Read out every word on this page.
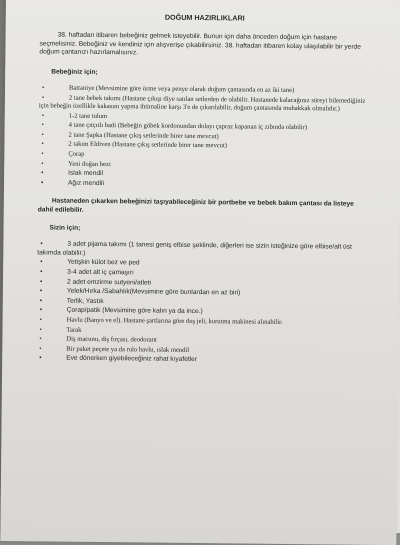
DOĞUM HAZIRLIKLARI

38. haftadan itibaren bebeğiniz gelmek isteyebilir. Bunun için daha önceden doğum için hastane seçmelisiniz. Bebeğiniz ve kendiniz için alışverişe çıkabilirsiniz. 38. haftadan itibaren kolay ulaşılabilir bir yerde doğum çantanızı hazırlamalısınız.

Bebeğiniz için;
• Battaniye (Mevsimine göre örme veya penye olarak doğum çantasında en az iki tane)
• 2 tane bebek takımı (Hastane çıkışı diye satılan setlerden de olabilir. Hastanede kalacağınız süreyi bilemediğiniz için bebeğin özellikle kakasını yapma ihtimaline karşı 3'e de çıkarılabilir, doğum çantasında muhakkak olmalıdır.)
• 1-2 tane tulum
• 4 tane çıtçıtlı badi (Bebeğin göbek kordonundan dolayı çapraz kapanan iç zıbında olabilir)
• 2 tane Şapka (Hastane çıkış setlerinde birer tane mevcut)
• 2 takım Eldiven (Hastane çıkış setlerinde birer tane mevcut)
• Çorap
• Yeni doğan bezi
• Islak mendil
• Ağız mendili

Hastaneden çıkarken bebeğinizi taşıyabileceğiniz bir portbebe ve bebek bakım çantası da listeye dahil edilebilir.

Sizin için;
• 3 adet pijama takımı (1 tanesi geniş elbise şeklinde, diğerleri ise sizin isteğinize göre elbise/alt üst takımda olabilir.)
• Yetişkin külot bez ve ped
• 3-4 adet alt iç çamaşırı
• 2 adet emzirme sutyeni/atleti
• Yelek/Hırka /Sabahlık(Mevsimine göre bunlardan en az biri)
• Terlik, Yastık
• Çorap/patik (Mevsimine göre kalın ya da ince.)
• Havlu (Banyo ve el). Hastane şartlarına göre duş jeli, kurutma makinesi alınabilir.
• Tarak
• Diş macunu, diş fırçası, deodorant
• Bir paket peçete ya da rulo havlu, ıslak mendil
• Eve dönerken giyebileceğiniz rahat kıyafetler
